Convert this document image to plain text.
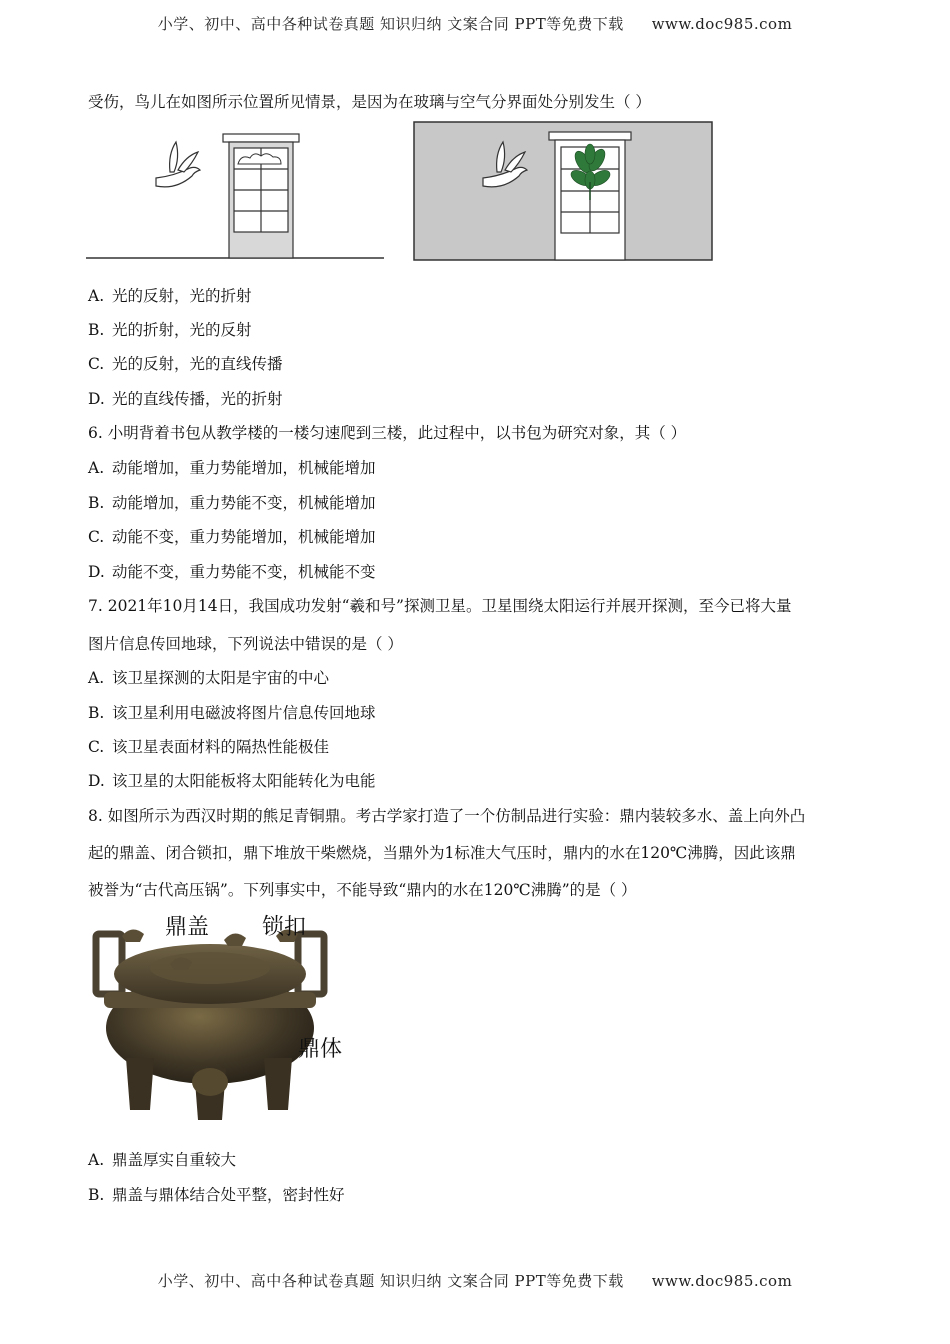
小学、初中、高中各种试卷真题 知识归纳 文案合同 PPT等免费下载 www.doc985.com
受伤，鸟儿在如图所示位置所见情景，是因为在玻璃与空气分界面处分别发生（ ）
A. 光的反射，光的折射
B. 光的折射，光的反射
C. 光的反射，光的直线传播
D. 光的直线传播，光的折射
6. 小明背着书包从教学楼的一楼匀速爬到三楼，此过程中，以书包为研究对象，其（ ）
A. 动能增加，重力势能增加，机械能增加
B. 动能增加，重力势能不变，机械能增加
C. 动能不变，重力势能增加，机械能增加
D. 动能不变，重力势能不变，机械能不变
7. 2021年10月14日，我国成功发射“羲和号”探测卫星。卫星围绕太阳运行并展开探测，至今已将大量
图片信息传回地球，下列说法中错误的是（ ）
A. 该卫星探测的太阳是宇宙的中心
B. 该卫星利用电磁波将图片信息传回地球
C. 该卫星表面材料的隔热性能极佳
D. 该卫星的太阳能板将太阳能转化为电能
8. 如图所示为西汉时期的熊足青铜鼎。考古学家打造了一个仿制品进行实验：鼎内装较多水、盖上向外凸
起的鼎盖、闭合锁扣，鼎下堆放干柴燃烧，当鼎外为1标准大气压时，鼎内的水在120℃沸腾，因此该鼎
被誉为“古代高压锅”。下列事实中，不能导致“鼎内的水在120℃沸腾”的是（ ）
鼎盖 锁扣
鼎体
A. 鼎盖厚实自重较大
B. 鼎盖与鼎体结合处平整，密封性好
小学、初中、高中各种试卷真题 知识归纳 文案合同 PPT等免费下载 www.doc985.com
